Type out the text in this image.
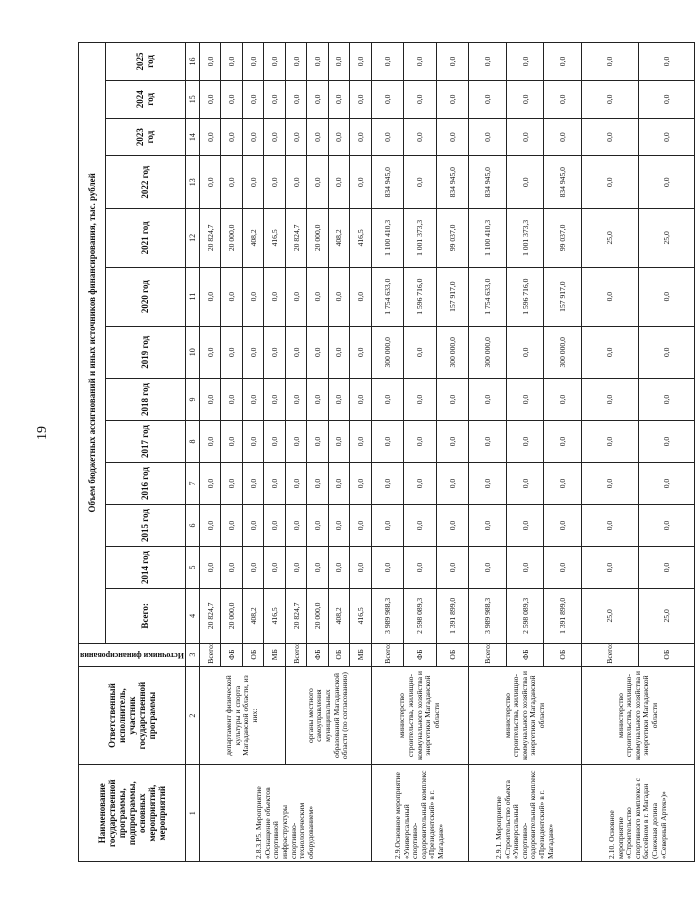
19
Наименование государственной программы, подпрограммы, основных мероприятий, мероприятий	Ответственный исполнитель, участник государственной программы	Источники финансирования	Объем бюджетных ассигнований и иных источников финансирования, тыс. рублей												
			Всего:	2014 год	2015 год	2016 год	2017 год	2018 год	2019 год	2020 год	2021 год	2022 год	2023 год	2024 год	2025 год
1	2	3	4	5	6	7	8	9	10	11	12	13	14	15	16
2.8.3.Р5. Мероприятие «Оснащение объектов спортивной инфраструктуры спортивно-технологическим оборудованием»	департамент физической культуры и спорта Магаданской области, из них:	Всего:	20 824,7	0,0	0,0	0,0	0,0	0,0	0,0	0,0	20 824,7	0,0	0,0	0,0	0,0
		ФБ	20 000,0	0,0	0,0	0,0	0,0	0,0	0,0	0,0	20 000,0	0,0	0,0	0,0	0,0
		ОБ	408,2	0,0	0,0	0,0	0,0	0,0	0,0	0,0	408,2	0,0	0,0	0,0	0,0
		МБ	416,5	0,0	0,0	0,0	0,0	0,0	0,0	0,0	416,5	0,0	0,0	0,0	0,0
	органы местного самоуправления муниципальных образований Магаданской области (по согласованию)	Всего:	20 824,7	0,0	0,0	0,0	0,0	0,0	0,0	0,0	20 824,7	0,0	0,0	0,0	0,0
		ФБ	20 000,0	0,0	0,0	0,0	0,0	0,0	0,0	0,0	20 000,0	0,0	0,0	0,0	0,0
		ОБ	408,2	0,0	0,0	0,0	0,0	0,0	0,0	0,0	408,2	0,0	0,0	0,0	0,0
		МБ	416,5	0,0	0,0	0,0	0,0	0,0	0,0	0,0	416,5	0,0	0,0	0,0	0,0
2.9.Основное мероприятие «Универсальный спортивно-оздоровительный комплекс «Президентский» в г. Магадане»	министерство строительства, жилищно-коммунального хозяйства и энергетики Магаданской области	Всего:	3 989 988,3	0,0	0,0	0,0	0,0	0,0	300 000,0	1 754 633,0	1 100 410,3	834 945,0	0,0	0,0	0,0
		ФБ	2 598 089,3	0,0	0,0	0,0	0,0	0,0	0,0	1 596 716,0	1 001 373,3	0,0	0,0	0,0	0,0
		ОБ	1 391 899,0	0,0	0,0	0,0	0,0	0,0	300 000,0	157 917,0	99 037,0	834 945,0	0,0	0,0	0,0
2.9.1. Мероприятие «Строительство объекта «Универсальный спортивно-оздоровительный комплекс «Президентский» в г. Магадане»	министерство строительства, жилищно-коммунального хозяйства и энергетики Магаданской области	Всего:	3 989 988,3	0,0	0,0	0,0	0,0	0,0	300 000,0	1 754 633,0	1 100 410,3	834 945,0	0,0	0,0	0,0
		ФБ	2 598 089,3	0,0	0,0	0,0	0,0	0,0	0,0	1 596 716,0	1 001 373,3	0,0	0,0	0,0	0,0
		ОБ	1 391 899,0	0,0	0,0	0,0	0,0	0,0	300 000,0	157 917,0	99 037,0	834 945,0	0,0	0,0	0,0
2.10. Основное мероприятие «Строительство спортивного комплекса с бассейном в г. Магадан (Снежная долина «Северный Артек»)»	министерство строительства, жилищно-коммунального хозяйства и энергетики Магаданской области	Всего:	25,0	0,0	0,0	0,0	0,0	0,0	0,0	0,0	25,0	0,0	0,0	0,0	0,0
		ОБ	25,0	0,0	0,0	0,0	0,0	0,0	0,0	0,0	25,0	0,0	0,0	0,0	0,0
